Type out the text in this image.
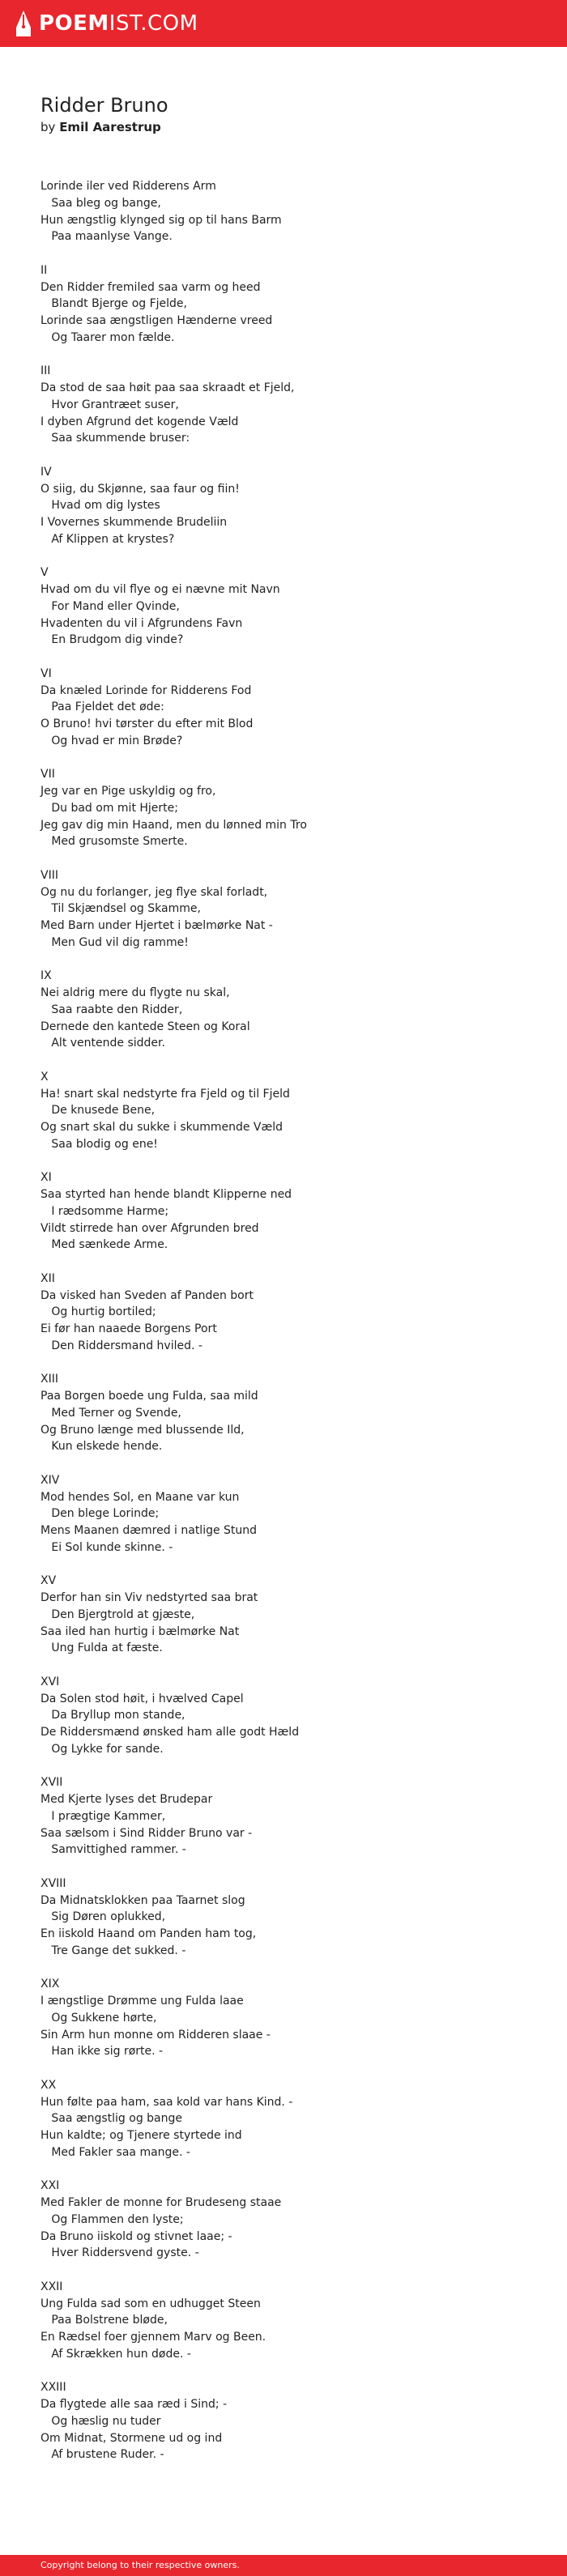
POEMIST.COM
Ridder Bruno
by Emil Aarestrup
Lorinde iler ved Ridderens Arm
Saa bleg og bange,
Hun ængstlig klynged sig op til hans Barm
Paa maanlyse Vange.
II
Den Ridder fremiled saa varm og heed
Blandt Bjerge og Fjelde,
Lorinde saa ængstligen Hænderne vreed
Og Taarer mon fælde.
III
Da stod de saa høit paa saa skraadt et Fjeld,
Hvor Grantræet suser,
I dyben Afgrund det kogende Væld
Saa skummende bruser:
IV
O siig, du Skjønne, saa faur og fiin!
Hvad om dig lystes
I Vovernes skummende Brudeliin
Af Klippen at krystes?
V
Hvad om du vil flye og ei nævne mit Navn
For Mand eller Qvinde,
Hvadenten du vil i Afgrundens Favn
En Brudgom dig vinde?
VI
Da knæled Lorinde for Ridderens Fod
Paa Fjeldet det øde:
O Bruno! hvi tørster du efter mit Blod
Og hvad er min Brøde?
VII
Jeg var en Pige uskyldig og fro,
Du bad om mit Hjerte;
Jeg gav dig min Haand, men du lønned min Tro
Med grusomste Smerte.
VIII
Og nu du forlanger, jeg flye skal forladt,
Til Skjændsel og Skamme,
Med Barn under Hjertet i bælmørke Nat -
Men Gud vil dig ramme!
IX
Nei aldrig mere du flygte nu skal,
Saa raabte den Ridder,
Dernede den kantede Steen og Koral
Alt ventende sidder.
X
Ha! snart skal nedstyrte fra Fjeld og til Fjeld
De knusede Bene,
Og snart skal du sukke i skummende Væld
Saa blodig og ene!
XI
Saa styrted han hende blandt Klipperne ned
I rædsomme Harme;
Vildt stirrede han over Afgrunden bred
Med sænkede Arme.
XII
Da visked han Sveden af Panden bort
Og hurtig bortiled;
Ei før han naaede Borgens Port
Den Riddersmand hviled. -
XIII
Paa Borgen boede ung Fulda, saa mild
Med Terner og Svende,
Og Bruno længe med blussende Ild,
Kun elskede hende.
XIV
Mod hendes Sol, en Maane var kun
Den blege Lorinde;
Mens Maanen dæmred i natlige Stund
Ei Sol kunde skinne. -
XV
Derfor han sin Viv nedstyrted saa brat
Den Bjergtrold at gjæste,
Saa iled han hurtig i bælmørke Nat
Ung Fulda at fæste.
XVI
Da Solen stod høit, i hvælved Capel
Da Bryllup mon stande,
De Riddersmænd ønsked ham alle godt Hæld
Og Lykke for sande.
XVII
Med Kjerte lyses det Brudepar
I prægtige Kammer,
Saa sælsom i Sind Ridder Bruno var -
Samvittighed rammer. -
XVIII
Da Midnatsklokken paa Taarnet slog
Sig Døren oplukked,
En iiskold Haand om Panden ham tog,
Tre Gange det sukked. -
XIX
I ængstlige Drømme ung Fulda laae
Og Sukkene hørte,
Sin Arm hun monne om Ridderen slaae -
Han ikke sig rørte. -
XX
Hun følte paa ham, saa kold var hans Kind. -
Saa ængstlig og bange
Hun kaldte; og Tjenere styrtede ind
Med Fakler saa mange. -
XXI
Med Fakler de monne for Brudeseng staae
Og Flammen den lyste;
Da Bruno iiskold og stivnet laae; -
Hver Riddersvend gyste. -
XXII
Ung Fulda sad som en udhugget Steen
Paa Bolstrene bløde,
En Rædsel foer gjennem Marv og Been.
Af Skrækken hun døde. -
XXIII
Da flygtede alle saa ræd i Sind; -
Og hæslig nu tuder
Om Midnat, Stormene ud og ind
Af brustene Ruder. -
Copyright belong to their respective owners.
